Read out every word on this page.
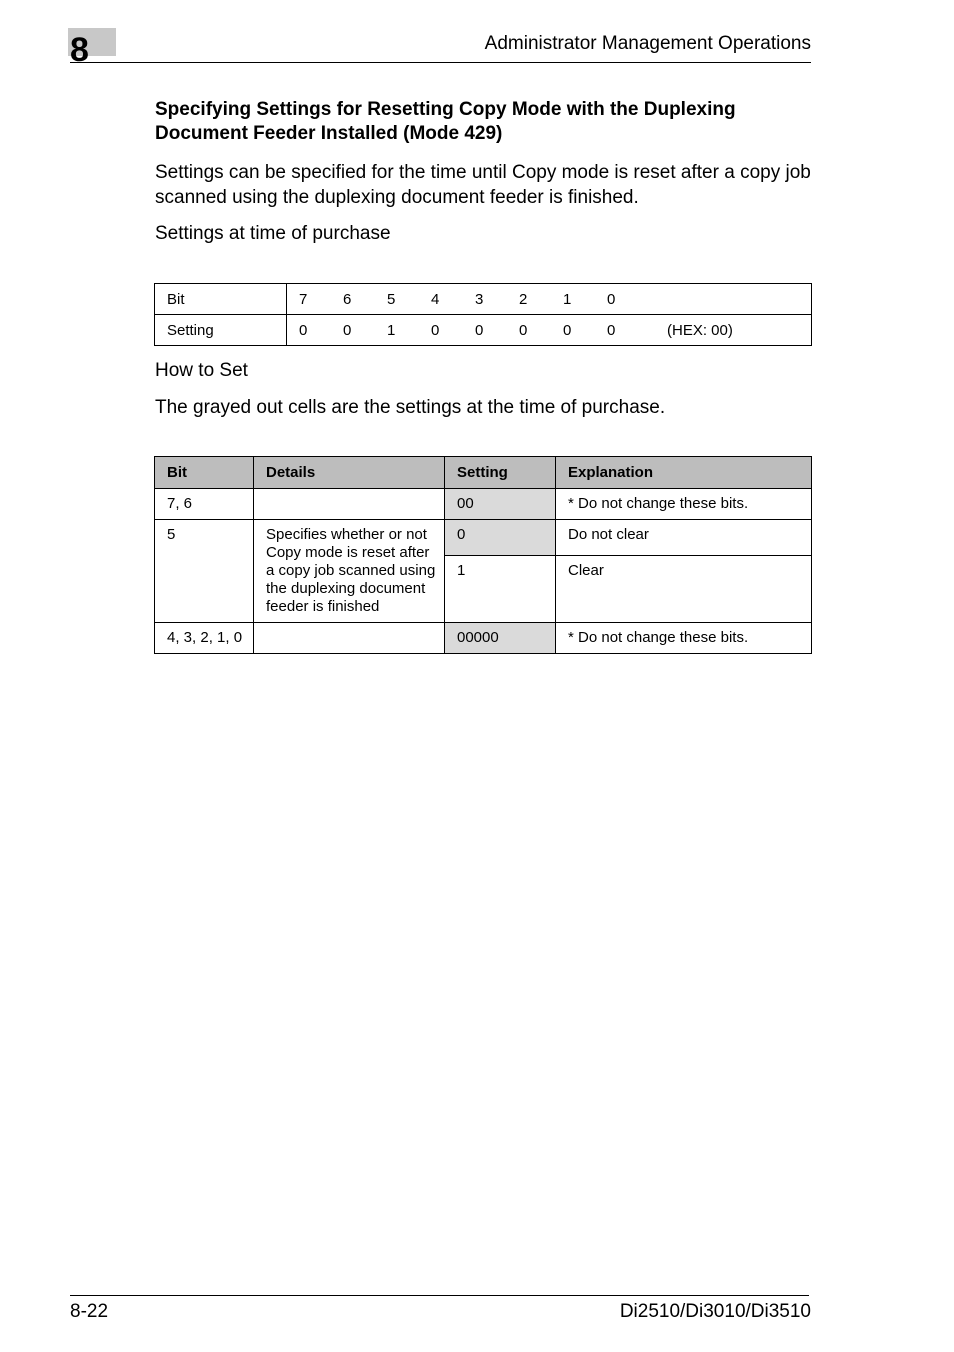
8	Administrator Management Operations
Specifying Settings for Resetting Copy Mode with the Duplexing Document Feeder Installed (Mode 429)
Settings can be specified for the time until Copy mode is reset after a copy job scanned using the duplexing document feeder is finished.
Settings at time of purchase
Bit	7	6	5	4	3	2	1	0	
Setting	0	0	1	0	0	0	0	0	(HEX: 00)
How to Set
The grayed out cells are the settings at the time of purchase.
Bit	Details	Setting	Explanation
7, 6		00	* Do not change these bits.
5	Specifies whether or not Copy mode is reset after a copy job scanned using the duplexing document feeder is finished	0	Do not clear
		1	Clear
4, 3, 2, 1, 0		00000	* Do not change these bits.
8-22	Di2510/Di3010/Di3510
